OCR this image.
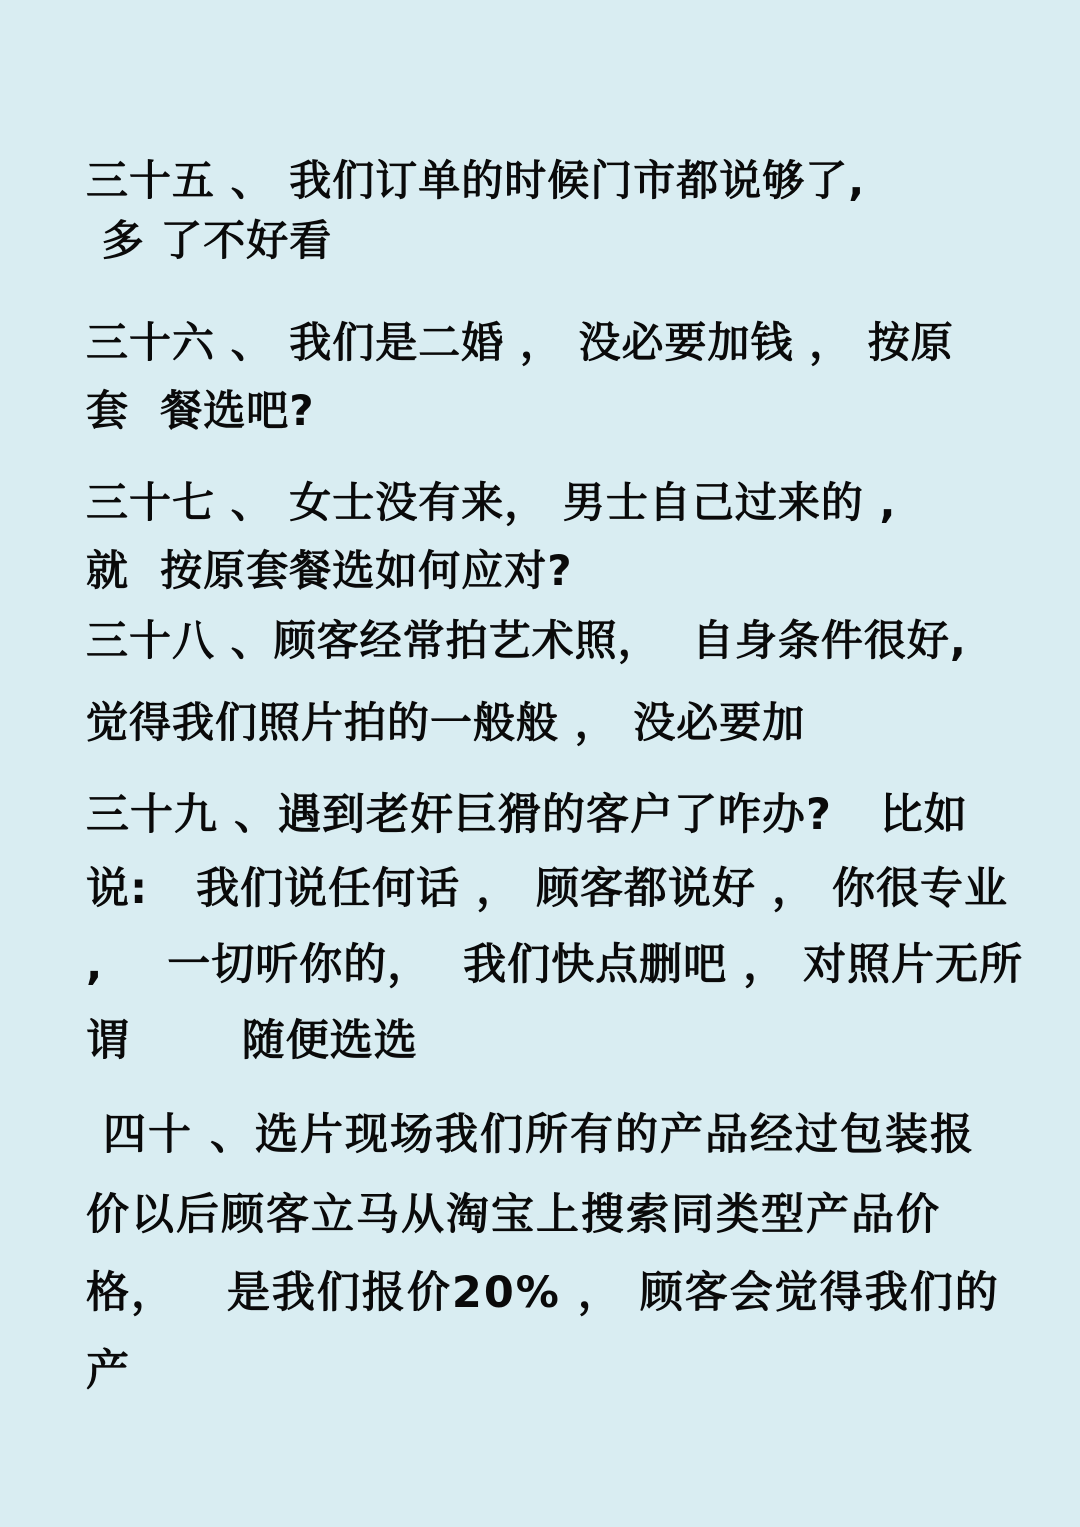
三十五 、 我们订单的时候门市都说够了,
多 了不好看
三十六 、 我们是二婚 ， 没必要加钱 ， 按原
套  餐选吧?
三十七 、 女士没有来， 男士自己过来的 ,
就  按原套餐选如何应对?
三十八 、顾客经常拍艺术照，  自身条件很好,
觉得我们照片拍的一般般 ， 没必要加
三十九 、遇到老奸巨猾的客户了咋办?   比如
说:   我们说任何话 ， 顾客都说好 ， 你很专业
,    一切听你的，  我们快点删吧 ， 对照片无所
谓       随便选选
四十 、选片现场我们所有的产品经过包装报
价以后顾客立马从淘宝上搜索同类型产品价
格，   是我们报价20% ， 顾客会觉得我们的
产
